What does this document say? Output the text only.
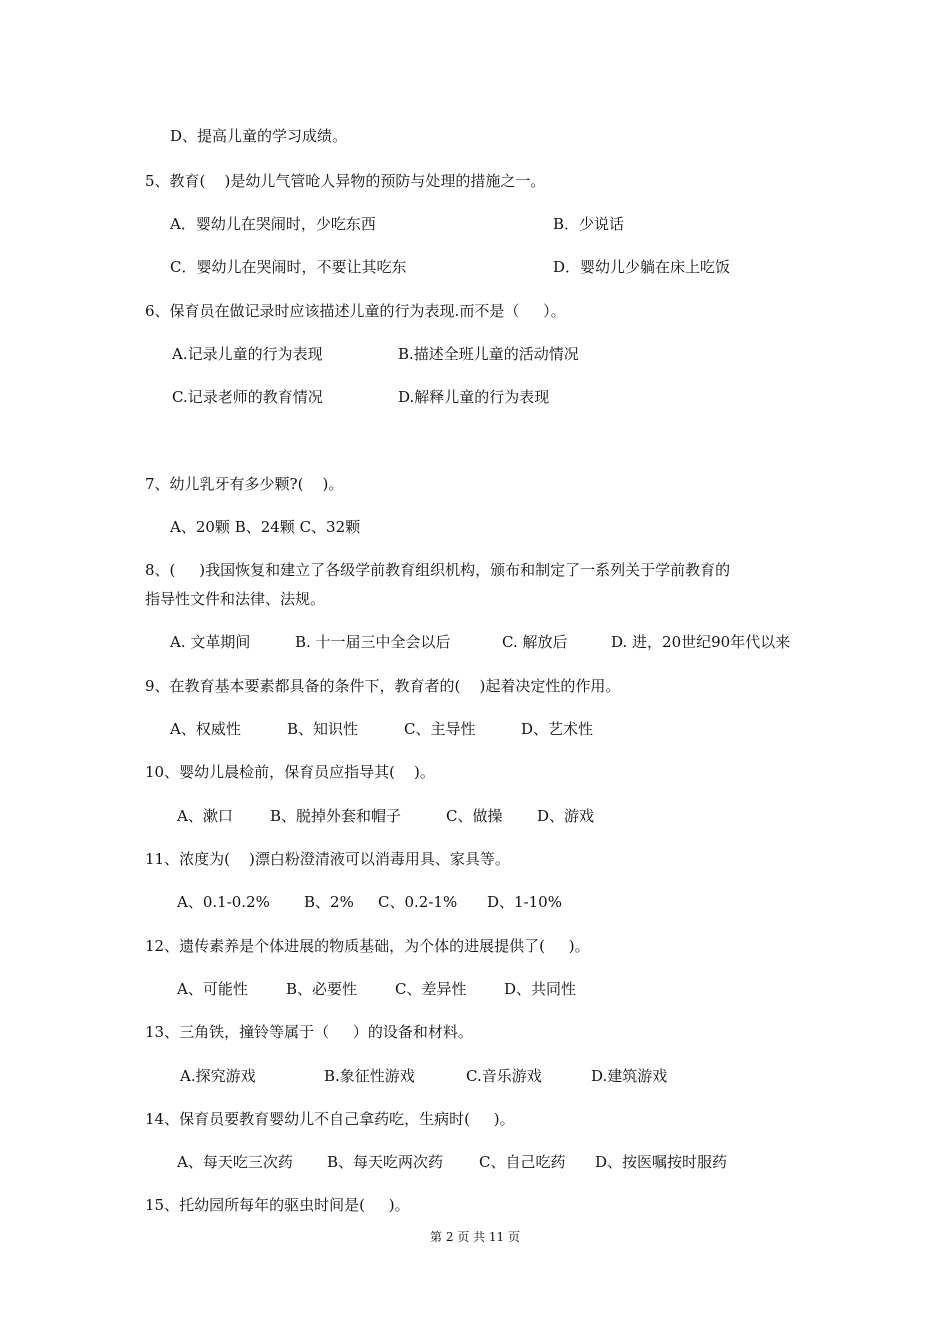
D、提高儿童的学习成绩。
5、教育(    )是幼儿气管呛人异物的预防与处理的措施之一。
A．婴幼儿在哭闹时，少吃东西	B．少说话
C．婴幼儿在哭闹时，不要让其吃东	D．婴幼儿少躺在床上吃饭
6、保育员在做记录时应该描述儿童的行为表现.而不是（     ）。
A.记录儿童的行为表现	B.描述全班儿童的活动情况
C.记录老师的教育情况	D.解释儿童的行为表现
7、幼儿乳牙有多少颗?(    )。
A、20颗 B、24颗 C、32颗
8、(     )我国恢复和建立了各级学前教育组织机构，颁布和制定了一系列关于学前教育的
指导性文件和法律、法规。
A. 文革期间	B. 十一届三中全会以后	C. 解放后	D. 进，20世纪90年代以来
9、在教育基本要素都具备的条件下，教育者的(    )起着决定性的作用。
A、权威性	B、知识性	C、主导性	D、艺术性
10、婴幼儿晨检前，保育员应指导其(    )。
A、漱口 B、脱掉外套和帽子	C、做操 D、游戏
11、浓度为(    )漂白粉澄清液可以消毒用具、家具等。
A、0.1-0.2% B、2% C、0.2-1% D、1-10%
12、遗传素养是个体进展的物质基础，为个体的进展提供了(     )。
A、可能性	B、必要性	C、差异性	D、共同性
13、三角铁，撞铃等属于（     ）的设备和材料。
A.探究游戏	B.象征性游戏	C.音乐游戏	D.建筑游戏
14、保育员要教育婴幼儿不自己拿药吃，生病时(     )。
A、每天吃三次药 B、每天吃两次药 C、自己吃药 D、按医嘱按时服药
15、托幼园所每年的驱虫时间是(     )。
第 2 页 共 11 页
